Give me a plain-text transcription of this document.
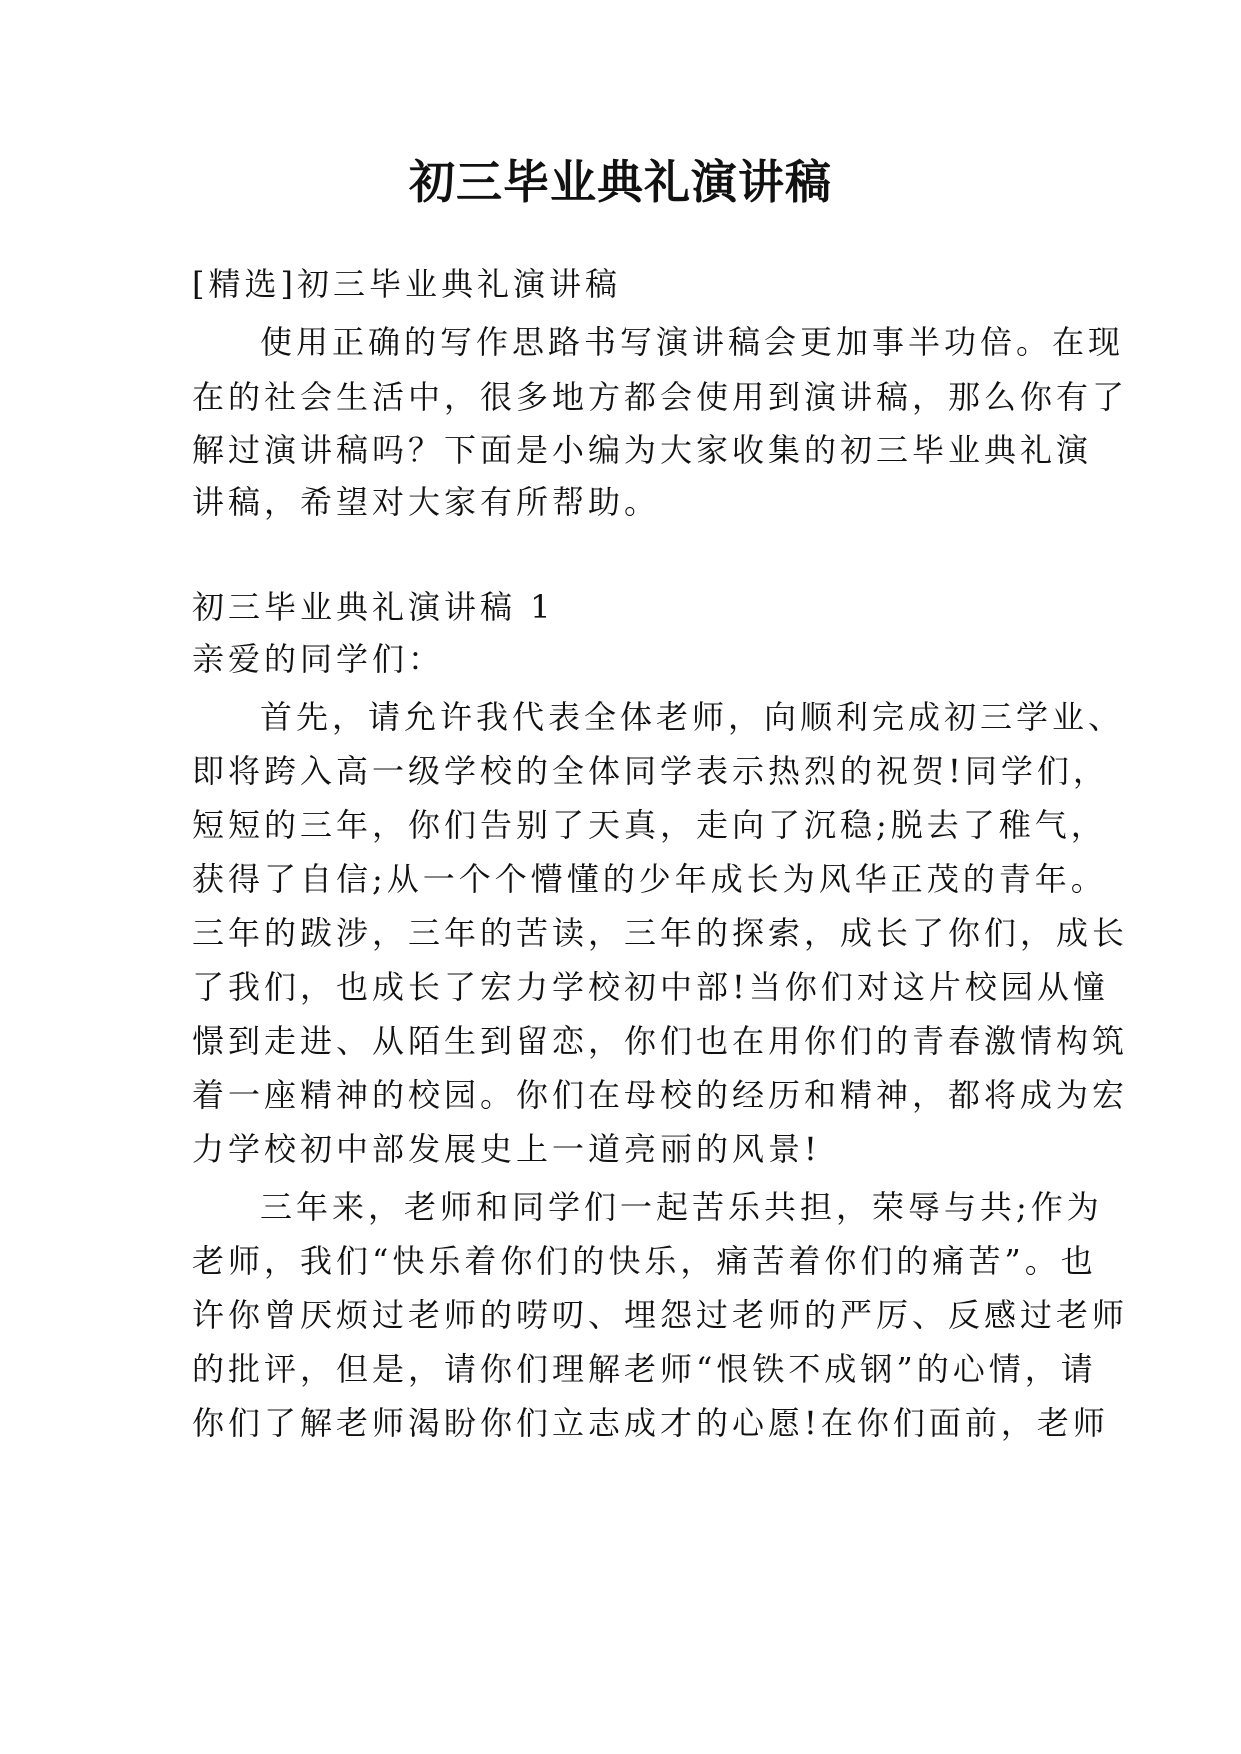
初三毕业典礼演讲稿
[精选]初三毕业典礼演讲稿
使用正确的写作思路书写演讲稿会更加事半功倍。在现
在的社会生活中，很多地方都会使用到演讲稿，那么你有了
解过演讲稿吗？下面是小编为大家收集的初三毕业典礼演
讲稿，希望对大家有所帮助。
初三毕业典礼演讲稿 1
亲爱的同学们：
首先，请允许我代表全体老师，向顺利完成初三学业、
即将跨入高一级学校的全体同学表示热烈的祝贺!同学们，
短短的三年，你们告别了天真，走向了沉稳;脱去了稚气，
获得了自信;从一个个懵懂的少年成长为风华正茂的青年。
三年的跋涉，三年的苦读，三年的探索，成长了你们，成长
了我们，也成长了宏力学校初中部!当你们对这片校园从憧
憬到走进、从陌生到留恋，你们也在用你们的青春激情构筑
着一座精神的校园。你们在母校的经历和精神，都将成为宏
力学校初中部发展史上一道亮丽的风景!
三年来，老师和同学们一起苦乐共担，荣辱与共;作为
老师，我们“快乐着你们的快乐，痛苦着你们的痛苦”。也
许你曾厌烦过老师的唠叨、埋怨过老师的严厉、反感过老师
的批评，但是，请你们理解老师“恨铁不成钢”的心情，请
你们了解老师渴盼你们立志成才的心愿!在你们面前，老师
